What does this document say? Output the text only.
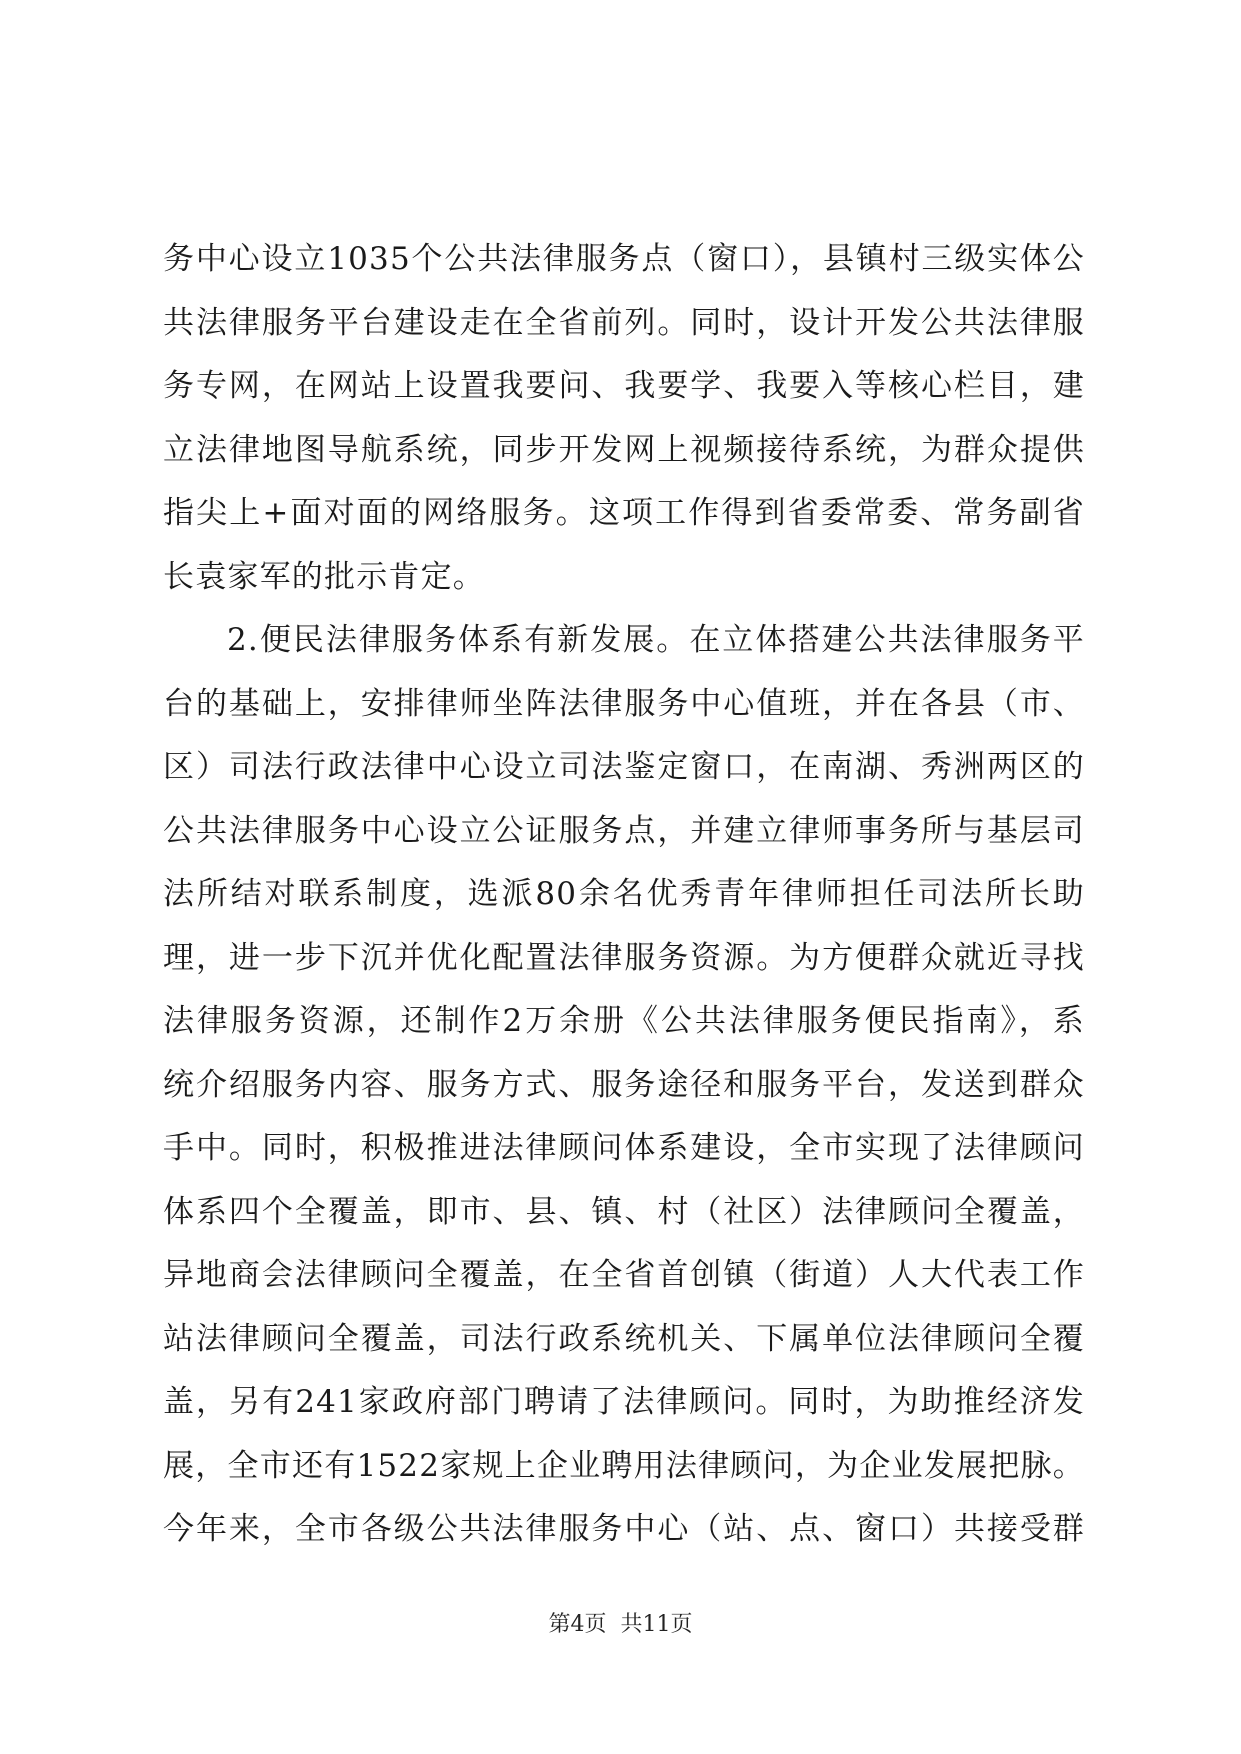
务中心设立1035个公共法律服务点（窗口），县镇村三级实体公
共法律服务平台建设走在全省前列。同时，设计开发公共法律服
务专网，在网站上设置我要问、我要学、我要入等核心栏目，建
立法律地图导航系统，同步开发网上视频接待系统，为群众提供
指尖上+面对面的网络服务。这项工作得到省委常委、常务副省
长袁家军的批示肯定。
2.便民法律服务体系有新发展。在立体搭建公共法律服务平
台的基础上，安排律师坐阵法律服务中心值班，并在各县（市、
区）司法行政法律中心设立司法鉴定窗口，在南湖、秀洲两区的
公共法律服务中心设立公证服务点，并建立律师事务所与基层司
法所结对联系制度，选派80余名优秀青年律师担任司法所长助
理，进一步下沉并优化配置法律服务资源。为方便群众就近寻找
法律服务资源，还制作2万余册《公共法律服务便民指南》，系
统介绍服务内容、服务方式、服务途径和服务平台，发送到群众
手中。同时，积极推进法律顾问体系建设，全市实现了法律顾问
体系四个全覆盖，即市、县、镇、村（社区）法律顾问全覆盖，
异地商会法律顾问全覆盖，在全省首创镇（街道）人大代表工作
站法律顾问全覆盖，司法行政系统机关、下属单位法律顾问全覆
盖，另有241家政府部门聘请了法律顾问。同时，为助推经济发
展，全市还有1522家规上企业聘用法律顾问，为企业发展把脉。
今年来，全市各级公共法律服务中心（站、点、窗口）共接受群
第4页  共11页
